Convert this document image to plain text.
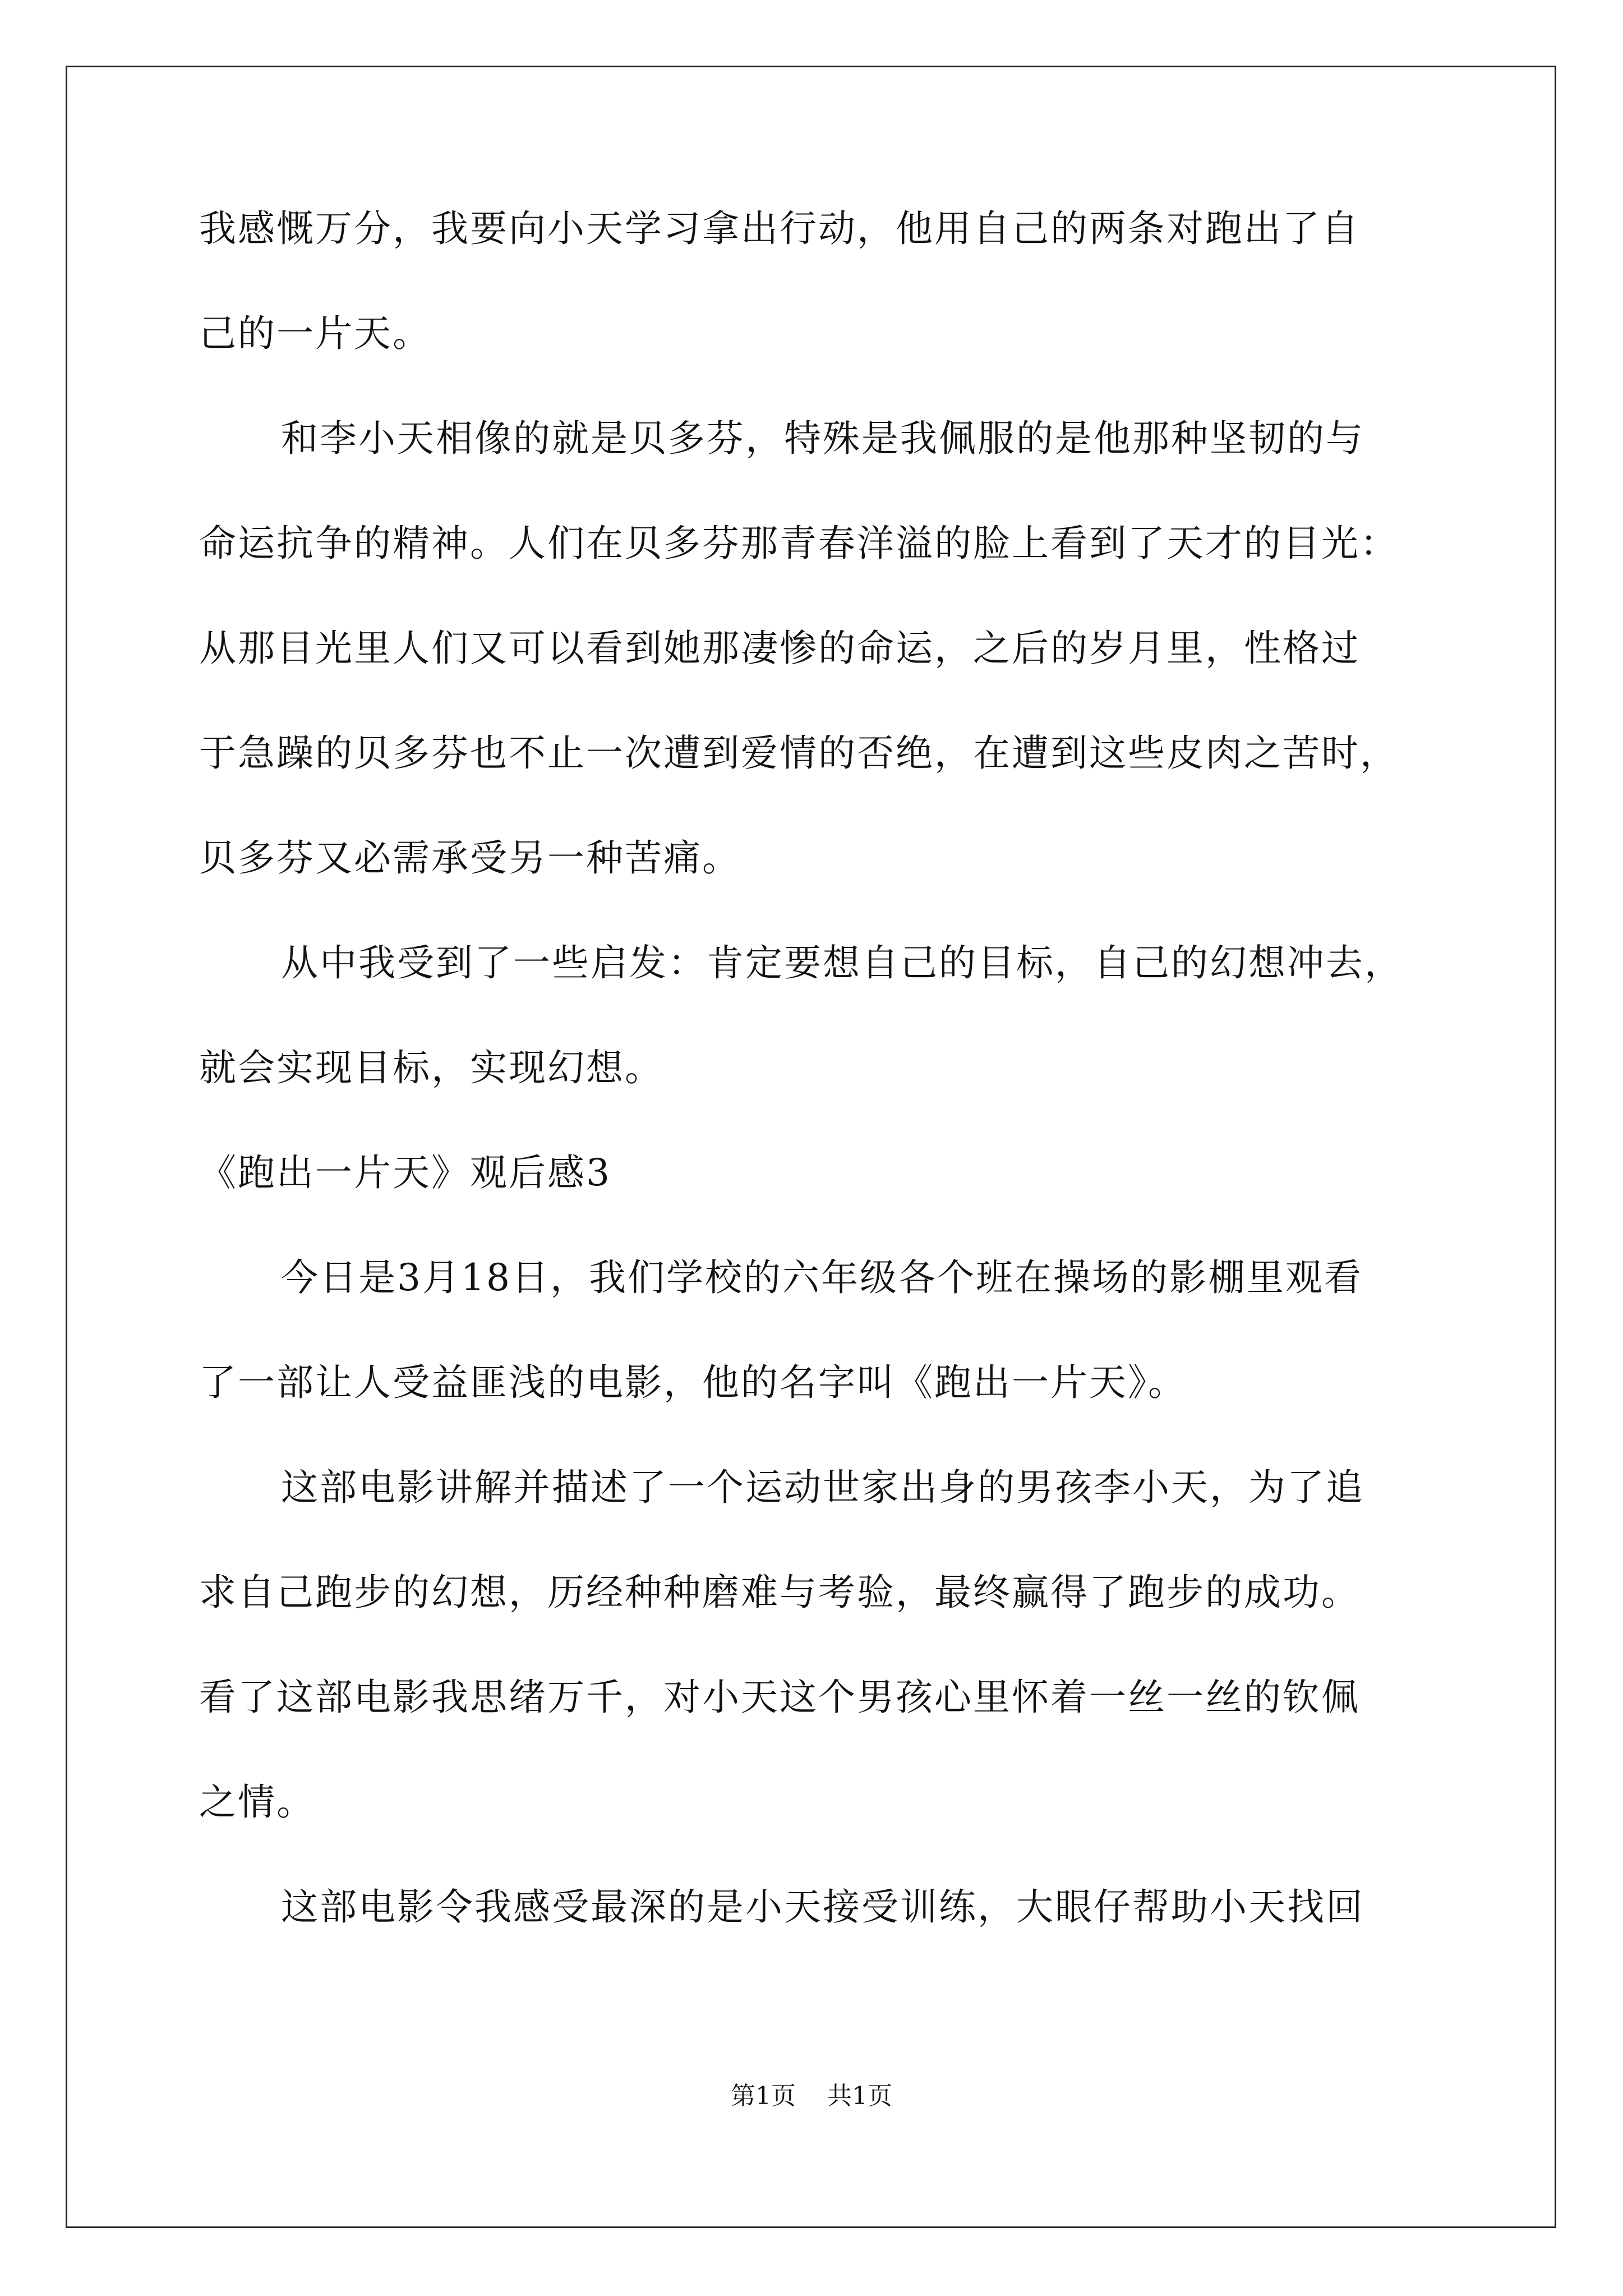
我感慨万分，我要向小天学习拿出行动，他用自己的两条对跑出了自

己的一片天。

和李小天相像的就是贝多芬，特殊是我佩服的是他那种坚韧的与

命运抗争的精神。人们在贝多芬那青春洋溢的脸上看到了天才的目光：

从那目光里人们又可以看到她那凄惨的命运，之后的岁月里，性格过

于急躁的贝多芬也不止一次遭到爱情的否绝，在遭到这些皮肉之苦时，

贝多芬又必需承受另一种苦痛。

从中我受到了一些启发：肯定要想自己的目标，自己的幻想冲去，

就会实现目标，实现幻想。

《跑出一片天》观后感3

今日是3月18日，我们学校的六年级各个班在操场的影棚里观看

了一部让人受益匪浅的电影，他的名字叫《跑出一片天》。

这部电影讲解并描述了一个运动世家出身的男孩李小天，为了追

求自己跑步的幻想，历经种种磨难与考验，最终赢得了跑步的成功。

看了这部电影我思绪万千，对小天这个男孩心里怀着一丝一丝的钦佩

之情。

这部电影令我感受最深的是小天接受训练，大眼仔帮助小天找回

第1页    共1页
